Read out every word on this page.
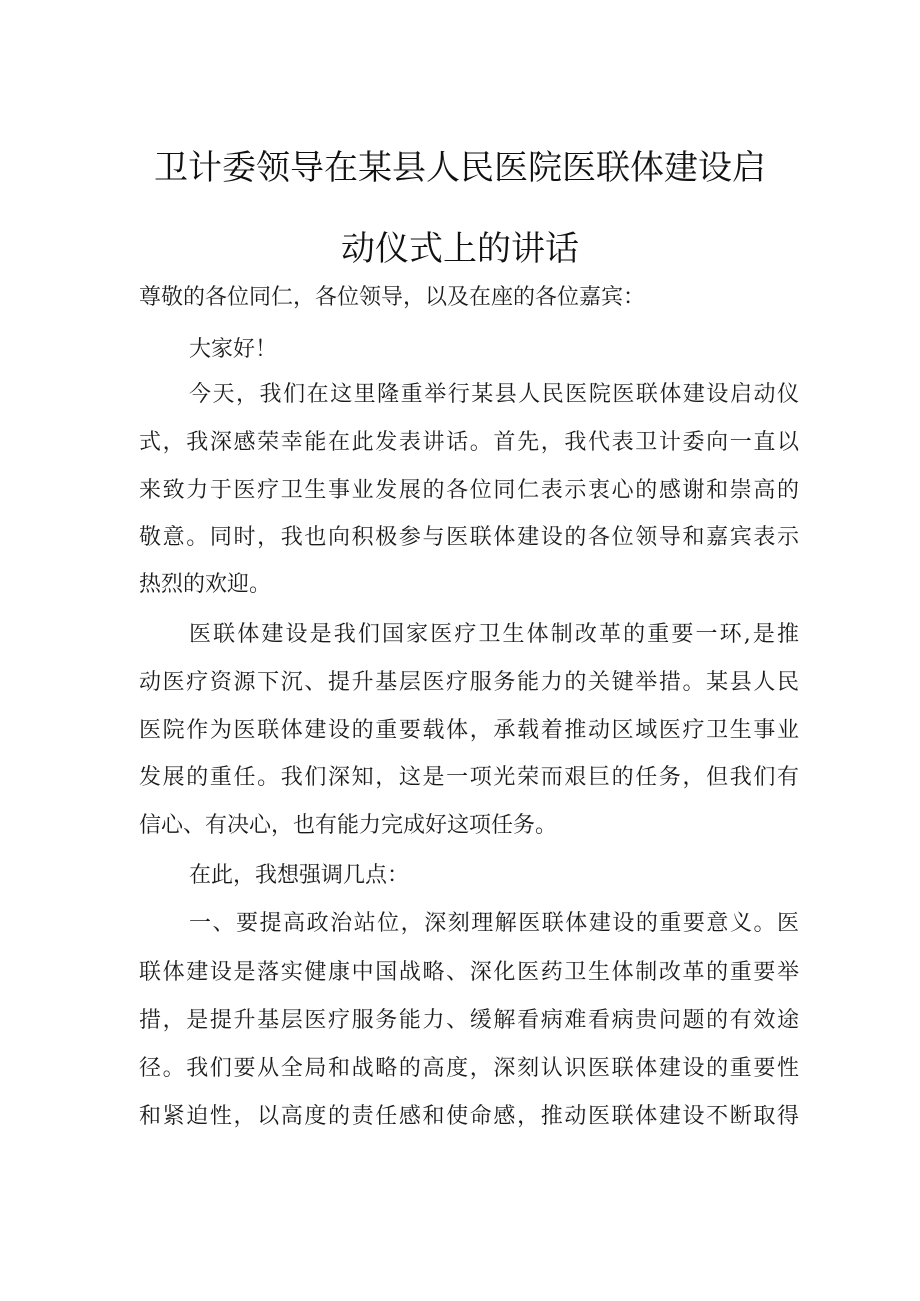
卫计委领导在某县人民医院医联体建设启
动仪式上的讲话

尊敬的各位同仁，各位领导，以及在座的各位嘉宾：

大家好！

今天，我们在这里隆重举行某县人民医院医联体建设启动仪

式，我深感荣幸能在此发表讲话。首先，我代表卫计委向一直以

来致力于医疗卫生事业发展的各位同仁表示衷心的感谢和崇高的

敬意。同时，我也向积极参与医联体建设的各位领导和嘉宾表示

热烈的欢迎。

医联体建设是我们国家医疗卫生体制改革的重要一环,是推

动医疗资源下沉、提升基层医疗服务能力的关键举措。某县人民

医院作为医联体建设的重要载体，承载着推动区域医疗卫生事业

发展的重任。我们深知，这是一项光荣而艰巨的任务，但我们有

信心、有决心，也有能力完成好这项任务。

在此，我想强调几点：

一、要提高政治站位，深刻理解医联体建设的重要意义。医

联体建设是落实健康中国战略、深化医药卫生体制改革的重要举

措，是提升基层医疗服务能力、缓解看病难看病贵问题的有效途

径。我们要从全局和战略的高度，深刻认识医联体建设的重要性

和紧迫性，以高度的责任感和使命感，推动医联体建设不断取得
